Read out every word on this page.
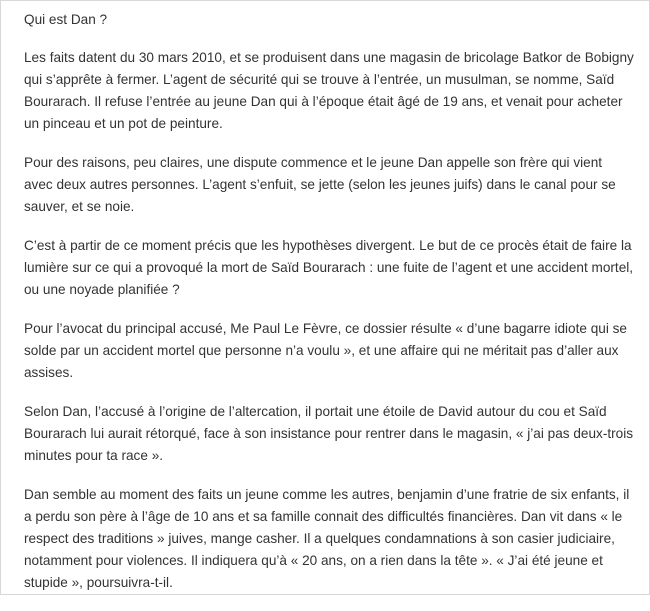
Qui est Dan ?

Les faits datent du 30 mars 2010, et se produisent dans une magasin de bricolage Batkor de Bobigny qui s’apprête à fermer. L’agent de sécurité qui se trouve à l’entrée, un musulman, se nomme, Saïd Bourarach. Il refuse l’entrée au jeune Dan qui à l’époque était âgé de 19 ans, et venait pour acheter un pinceau et un pot de peinture.

Pour des raisons, peu claires, une dispute commence et le jeune Dan appelle son frère qui vient avec deux autres personnes. L’agent s’enfuit, se jette (selon les jeunes juifs) dans le canal pour se sauver, et se noie.

C’est à partir de ce moment précis que les hypothèses divergent. Le but de ce procès était de faire la lumière sur ce qui a provoqué la mort de Saïd Bourarach : une fuite de l’agent et une accident mortel, ou une noyade planifiée ?

Pour l’avocat du principal accusé, Me Paul Le Fèvre, ce dossier résulte « d’une bagarre idiote qui se solde par un accident mortel que personne n’a voulu », et une affaire qui ne méritait pas d’aller aux assises.

Selon Dan, l’accusé à l’origine de l’altercation, il portait une étoile de David autour du cou et Saïd Bourarach lui aurait rétorqué, face à son insistance pour rentrer dans le magasin, « j’ai pas deux-trois minutes pour ta race ».

Dan semble au moment des faits un jeune comme les autres, benjamin d’une fratrie de six enfants, il a perdu son père à l’âge de 10 ans et sa famille connait des difficultés financières. Dan vit dans « le respect des traditions » juives, mange casher. Il a quelques condamnations à son casier judiciaire, notamment pour violences. Il indiquera qu’à « 20 ans, on a rien dans la tête ». « J’ai été jeune et stupide », poursuivra-t-il.
